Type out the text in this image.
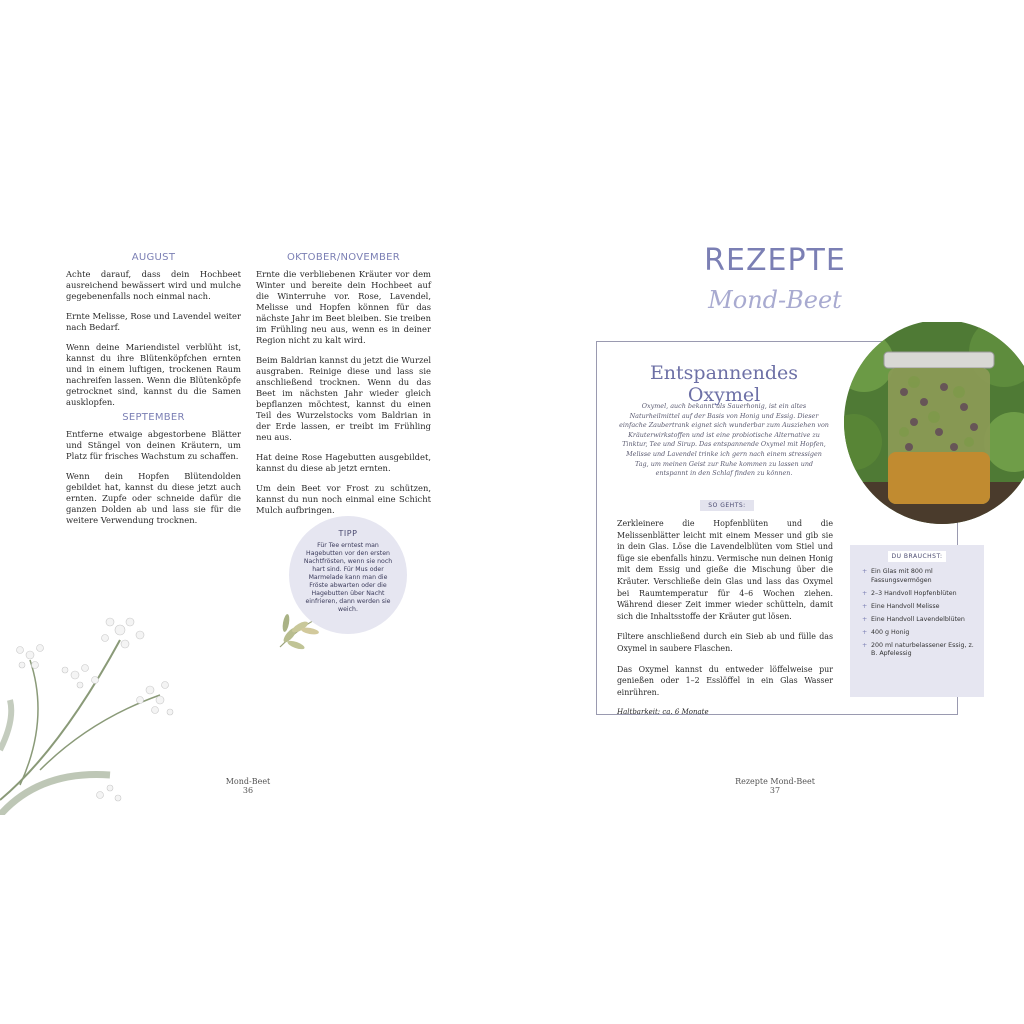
AUGUST

Achte darauf, dass dein Hochbeet ausreichend bewässert wird und mulche gegebenenfalls noch einmal nach.

Ernte Melisse, Rose und Lavendel weiter nach Bedarf.

Wenn deine Mariendistel verblüht ist, kannst du ihre Blütenköpfchen ernten und in einem luftigen, trockenen Raum nachreifen lassen. Wenn die Blütenköpfe getrocknet sind, kannst du die Samen ausklopfen.

SEPTEMBER

Entferne etwaige abgestorbene Blätter und Stängel von deinen Kräutern, um Platz für frisches Wachstum zu schaffen.

Wenn dein Hopfen Blütendolden gebildet hat, kannst du diese jetzt auch ernten. Zupfe oder schneide dafür die ganzen Dolden ab und lass sie für die weitere Verwendung trocknen.

OKTOBER/NOVEMBER

Ernte die verbliebenen Kräuter vor dem Winter und bereite dein Hochbeet auf die Winterruhe vor. Rose, Lavendel, Melisse und Hopfen können für das nächste Jahr im Beet bleiben. Sie treiben im Frühling neu aus, wenn es in deiner Region nicht zu kalt wird.

Beim Baldrian kannst du jetzt die Wurzel ausgraben. Reinige diese und lass sie anschließend trocknen. Wenn du das Beet im nächsten Jahr wieder gleich bepflanzen möchtest, kannst du einen Teil des Wurzelstocks vom Baldrian in der Erde lassen, er treibt im Frühling neu aus.

Hat deine Rose Hagebutten ausgebildet, kannst du diese ab jetzt ernten.

Um dein Beet vor Frost zu schützen, kannst du nun noch einmal eine Schicht Mulch aufbringen.

TIPP
Für Tee erntest man Hagebutten vor den ersten Nachtfrösten, wenn sie noch hart sind. Für Mus oder Marmelade kann man die Fröste abwarten oder die Hagebutten über Nacht einfrieren, dann werden sie weich.
Mond-Beet
36
REZEPTE
Mond-Beet
Entspannendes Oxymel
Oxymel, auch bekannt als Sauerhonig, ist ein altes Naturheilmittel auf der Basis von Honig und Essig. Dieser einfache Zaubertrank eignet sich wunderbar zum Ausziehen von Kräuterwirkstoffen und ist eine probiotische Alternative zu Tinktur, Tee und Sirup. Das entspannende Oxymel mit Hopfen, Melisse und Lavendel trinke ich gern nach einem stressigen Tag, um meinen Geist zur Ruhe kommen zu lassen und entspannt in den Schlaf finden zu können.
SO GEHTS:

Zerkleinere die Hopfenblüten und die Melissenblätter leicht mit einem Messer und gib sie in dein Glas. Löse die Lavendelblüten vom Stiel und füge sie ebenfalls hinzu. Vermische nun deinen Honig mit dem Essig und gieße die Mischung über die Kräuter. Verschließe dein Glas und lass das Oxymel bei Raumtemperatur für 4–6 Wochen ziehen. Während dieser Zeit immer wieder schütteln, damit sich die Inhaltsstoffe der Kräuter gut lösen.

Filtere anschließend durch ein Sieb ab und fülle das Oxymel in saubere Flaschen.

Das Oxymel kannst du entweder löffelweise pur genießen oder 1–2 Esslöffel in ein Glas Wasser einrühren.

Haltbarkeit: ca. 6 Monate

DU BRAUCHST:
+ Ein Glas mit 800 ml Fassungsvermögen
+ 2–3 Handvoll Hopfenblüten
+ Eine Handvoll Melisse
+ Eine Handvoll Lavendelblüten
+ 400 g Honig
+ 200 ml naturbelassener Essig, z. B. Apfelessig
Rezepte Mond-Beet
37
